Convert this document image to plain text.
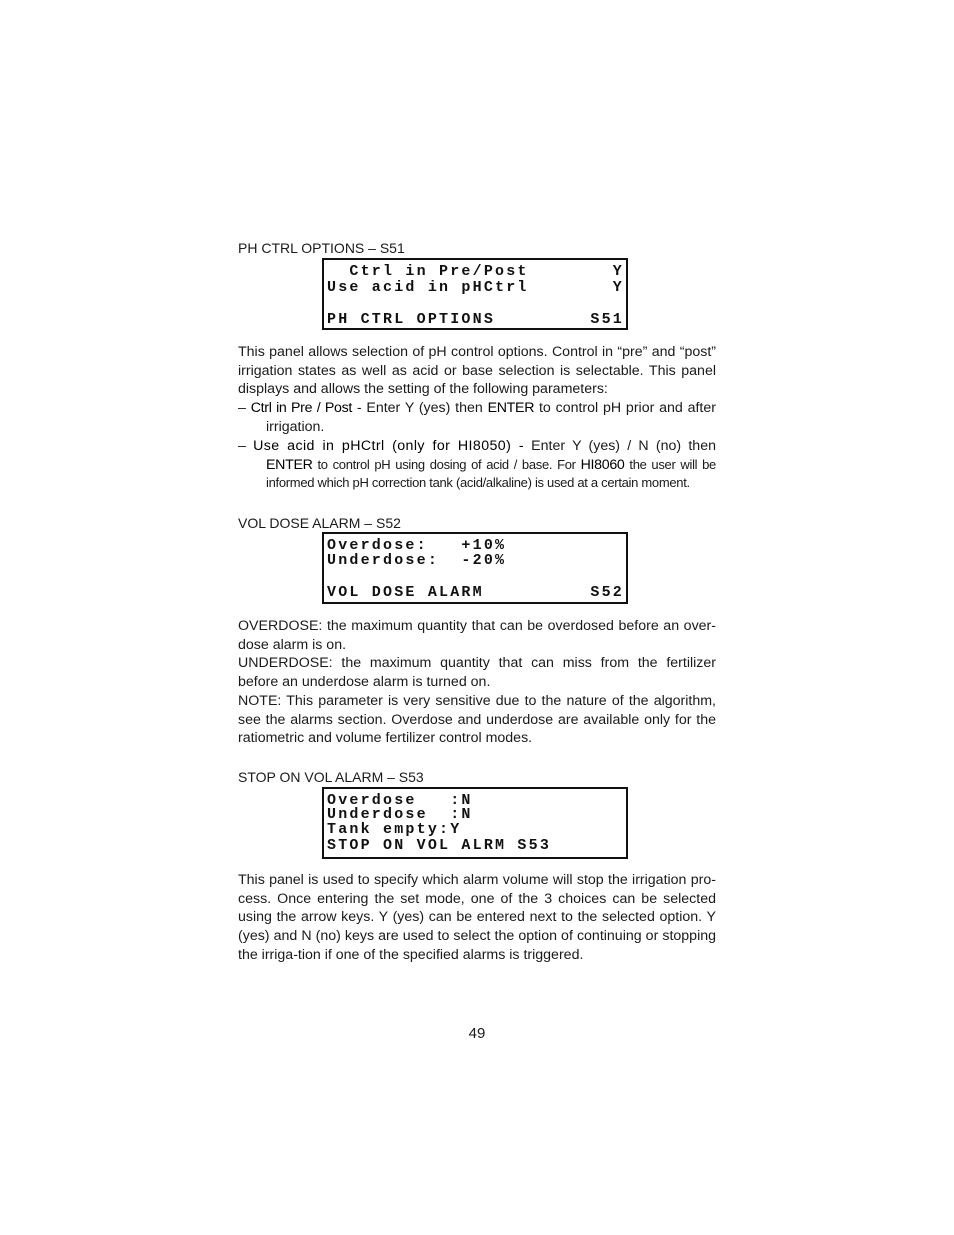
PH CTRL OPTIONS – S51
Ctrl in Pre/Post	Y
Use acid in pHCtrl	Y
PH CTRL OPTIONS	S51

This panel allows selection of pH control options. Control in “pre” and “post” irrigation states as well as acid or base selection is selectable. This panel displays and allows the setting of the following parameters:

– Ctrl in Pre / Post - Enter Y (yes) then ENTER to control pH prior and after irrigation.
– Use acid in pHCtrl (only for HI8050) - Enter Y (yes) / N (no) then ENTER to control pH using dosing of acid / base. For HI8060 the user will be informed which pH correction tank (acid/alkaline) is used at a certain moment.
VOL DOSE ALARM – S52
Overdose:   +10%
Underdose:  -20%
VOL DOSE ALARM	S52

OVERDOSE: the maximum quantity that can be overdosed before an over-dose alarm is on.

UNDERDOSE: the maximum quantity that can miss from the fertilizer before an underdose alarm is turned on.

NOTE: This parameter is very sensitive due to the nature of the algorithm, see the alarms section. Overdose and underdose are available only for the ratiometric and volume fertilizer control modes.

STOP ON VOL ALARM – S53
Overdose   :N
Underdose  :N
Tank empty:Y
STOP ON VOL ALRM S53

This panel is used to specify which alarm volume will stop the irrigation pro-cess. Once entering the set mode, one of the 3 choices can be selected using the arrow keys. Y (yes) can be entered next to the selected option. Y (yes) and N (no) keys are used to select the option of continuing or stopping the irriga-tion if one of the specified alarms is triggered.

49
